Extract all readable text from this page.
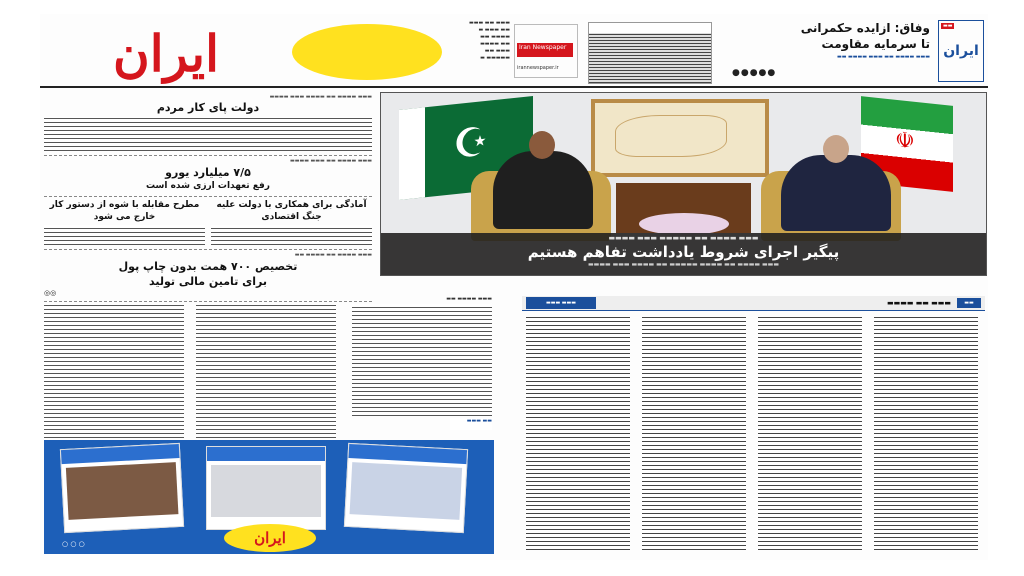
ایران
▬▬▬ ▬▬ ▬▬▬
▬▬ ▬▬▬ ▬
▬▬▬▬ ▬▬
▬▬ ▬▬▬▬
▬▬▬ ▬▬
▬▬▬▬▬ ▬
Iran Newspaper
irannewspaper.ir
وفاق: ازایده حکمرانی
تا سرمایه مقاومت
▬▬▬ ▬▬▬▬ ▬▬ ▬▬▬ ▬▬▬▬ ▬▬
●●●●●
▬▬
ایران
▬▬▬ ▬▬▬▬ ▬▬ ▬▬▬▬ ▬▬▬ ▬▬▬▬
دولت پای کار مردم
▬▬▬ ▬▬▬▬ ▬▬ ▬▬▬ ▬▬▬▬
۷/۵ میلیارد یورو
رفع تعهدات ارزی شده است
آمادگی برای همکاری با دولت علیه جنگ اقتصادی
مطرح مقابله با شوه از دستور کار خارج می شود
▬▬▬ ▬▬▬▬ ▬▬ ▬▬▬▬ ▬▬
تخصیص ۷۰۰ همت بدون چاپ پول
برای تامین مالی تولید
◎◎
☪
☫
▬▬▬ ▬▬▬▬ ▬▬ ▬▬▬▬▬ ▬▬▬ ▬▬▬▬
پیگیر اجرای شروط یادداشت تفاهم هستیم
▬▬▬ ▬▬▬▬ ▬▬ ▬▬▬▬ ▬▬▬▬▬ ▬▬ ▬▬▬▬ ▬▬▬ ▬▬▬▬
▬▬▬ ▬▬▬▬ ▬▬
▬▬ ▬▬▬
ایران
○ ○ ○
▬▬
▬▬▬ ▬▬ ▬▬▬▬
▬▬▬ ▬▬▬
